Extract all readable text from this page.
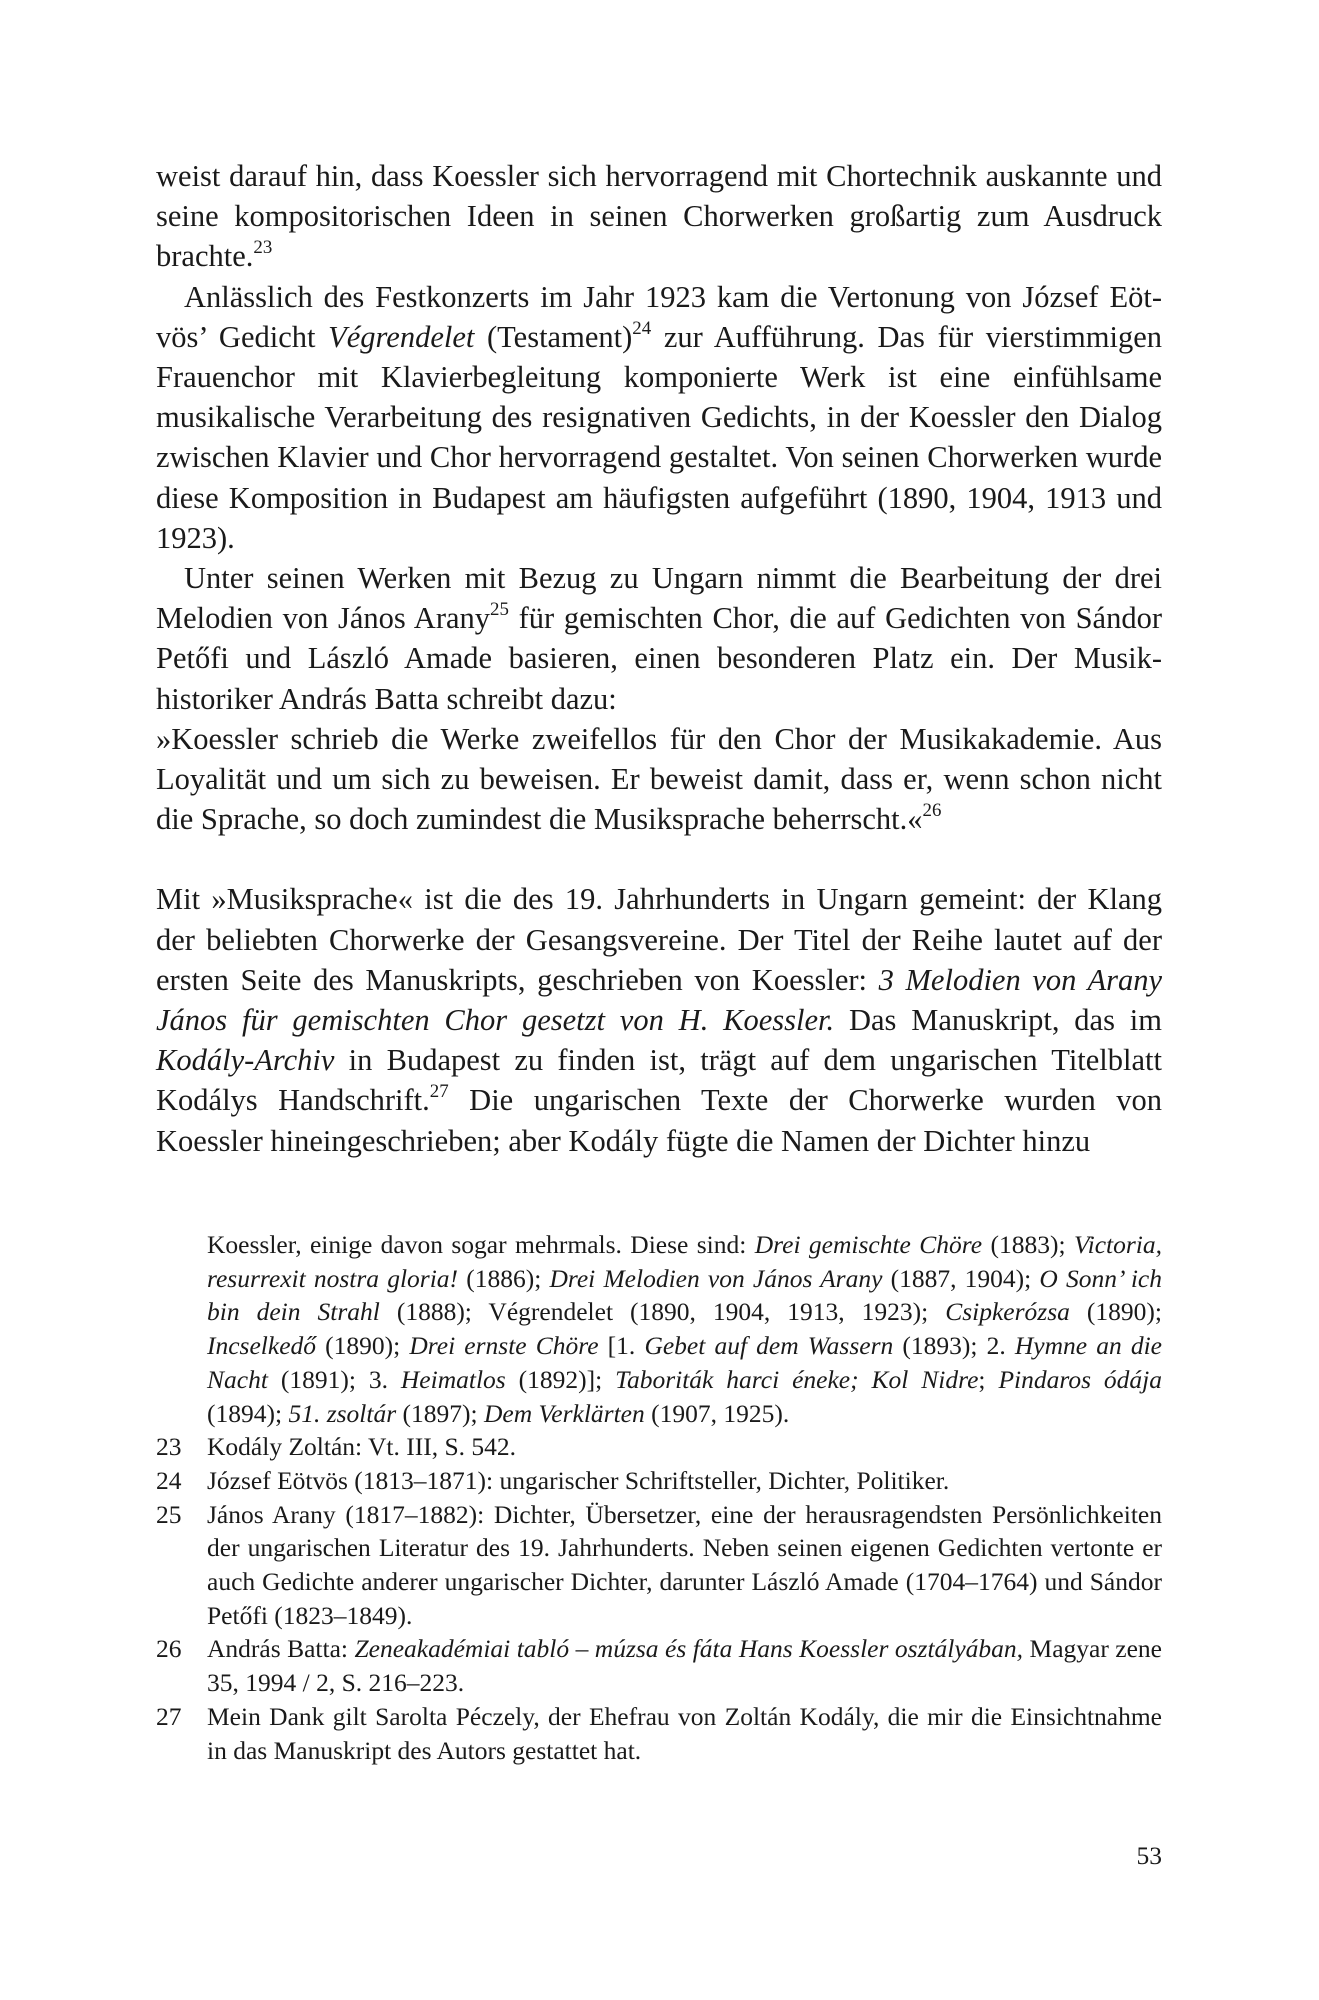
weist darauf hin, dass Koessler sich hervorragend mit Chortechnik auskannte und seine kompositorischen Ideen in seinen Chorwerken großartig zum Ausdruck brachte.$^{23}$

Anlässlich des Festkonzerts im Jahr 1923 kam die Vertonung von József Eötvös’ Gedicht Végrendelet (Testament)$^{24}$ zur Aufführung. Das für vierstimmigen Frauenchor mit Klavierbegleitung komponierte Werk ist eine einfühlsame musikalische Verarbeitung des resignativen Gedichts, in der Koessler den Dialog zwischen Klavier und Chor hervorragend gestaltet. Von seinen Chorwerken wurde diese Komposition in Budapest am häufigsten aufgeführt (1890, 1904, 1913 und 1923).

Unter seinen Werken mit Bezug zu Ungarn nimmt die Bearbeitung der drei Melodien von János Arany$^{25}$ für gemischten Chor, die auf Gedichten von Sándor Petőfi und László Amade basieren, einen besonderen Platz ein. Der Musikhistoriker András Batta schreibt dazu:

»Koessler schrieb die Werke zweifellos für den Chor der Musikakademie. Aus Loyalität und um sich zu beweisen. Er beweist damit, dass er, wenn schon nicht die Sprache, so doch zumindest die Musiksprache beherrscht.«$^{26}$

Mit »Musiksprache« ist die des 19. Jahrhunderts in Ungarn gemeint: der Klang der beliebten Chorwerke der Gesangsvereine. Der Titel der Reihe lautet auf der ersten Seite des Manuskripts, geschrieben von Koessler: 3 Melodien von Arany János für gemischten Chor gesetzt von H. Koessler. Das Manuskript, das im Kodály-Archiv in Budapest zu finden ist, trägt auf dem ungarischen Titelblatt Kodálys Handschrift.$^{27}$ Die ungarischen Texte der Chorwerke wurden von Koessler hineingeschrieben; aber Kodály fügte die Namen der Dichter hinzu

Koessler, einige davon sogar mehrmals. Diese sind: Drei gemischte Chöre (1883); Victoria, resurrexit nostra gloria! (1886); Drei Melodien von János Arany (1887, 1904); O Sonn’ ich bin dein Strahl (1888); Végrendelet (1890, 1904, 1913, 1923); Csipkerózsa (1890); Incselkedő (1890); Drei ernste Chöre [1. Gebet auf dem Wassern (1893); 2. Hymne an die Nacht (1891); 3. Heimatlos (1892)]; Taboriták harci éneke; Kol Nidre; Pindaros ódája (1894); 51. zsoltár (1897); Dem Verklärten (1907, 1925).

23	Kodály Zoltán: Vt. III, S. 542.
24	József Eötvös (1813–1871): ungarischer Schriftsteller, Dichter, Politiker.
25	János Arany (1817–1882): Dichter, Übersetzer, eine der herausragendsten Persönlichkeiten der ungarischen Literatur des 19. Jahrhunderts. Neben seinen eigenen Gedichten vertonte er auch Gedichte anderer ungarischer Dichter, darunter László Amade (1704–1764) und Sándor Petőfi (1823–1849).
26	András Batta: Zeneakadémiai tabló – múzsa és fáta Hans Koessler osztályában, Magyar zene 35, 1994 / 2, S. 216–223.
27	Mein Dank gilt Sarolta Péczely, der Ehefrau von Zoltán Kodály, die mir die Einsichtnahme in das Manuskript des Autors gestattet hat.
53
